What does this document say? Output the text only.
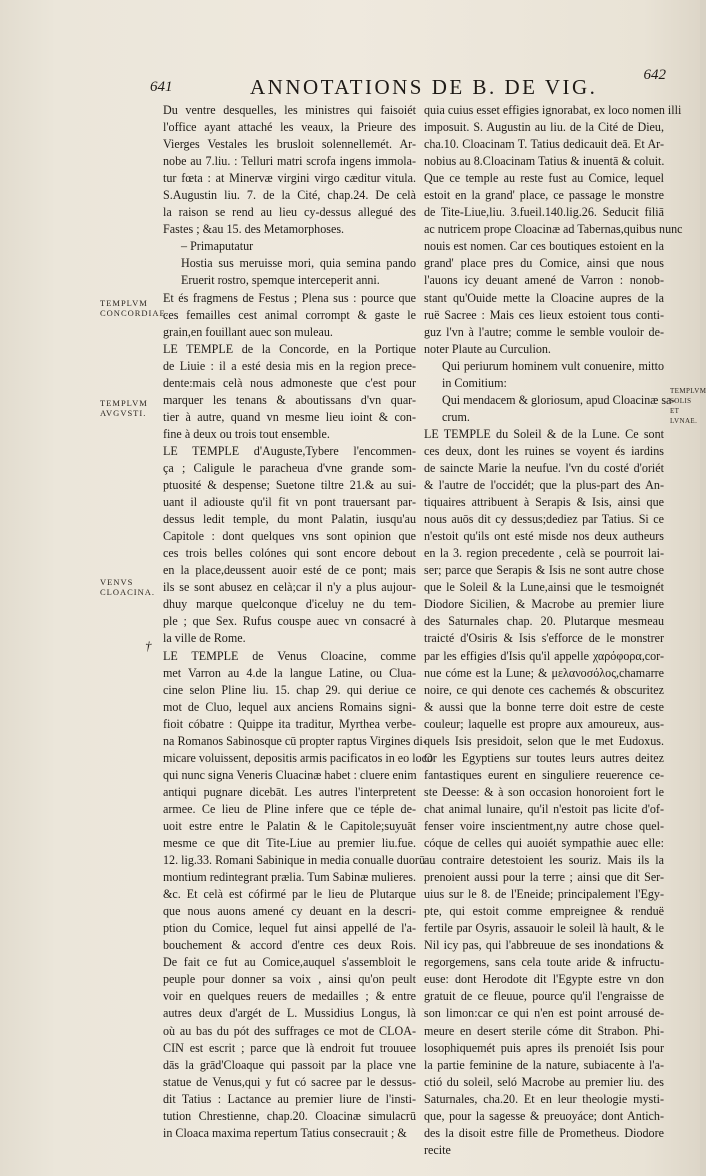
641	ANNOTATIONS DE B. DE VIG.	642
TEMPLVM CONCORDIAE.
TEMPLVM AVGVSTI.
VENVS CLOACINA.
†
TEMPLVM SOLIS ET LVNAE.
Du ventre desquelles, les ministres qui faisoiét
l'office ayant attaché les veaux, la Prieure des
Vierges Vestales les brusloit solennellemét. Ar-
nobe au 7.liu. : Telluri matri scrofa ingens immola-
tur fœta : at Minervæ virgini virgo cæditur vitula.
S.Augustin liu. 7. de la Cité, chap.24. De celà
la raison se rend au lieu cy-dessus allegué des
Fastes ; &au 15. des Metamorphoses.
– Primaputatur
Hostia sus meruisse mori, quia semina pando
Eruerit rostro, spemque interceperit anni.
Et és fragmens de Festus ; Plena sus : pource que
ces femailles cest animal corrompt & gaste le
grain,en fouillant auec son muleau.
LE TEMPLE de la Concorde, en la Portique
de Liuie : il a esté desia mis en la region prece-
dente:mais celà nous admoneste que c'est pour
marquer les tenans & aboutissans d'vn quar-
tier à autre, quand vn mesme lieu ioint & con-
fine à deux ou trois tout ensemble.
LE TEMPLE d'Auguste,Tybere l'encommen-
ça ; Caligule le paracheua d'vne grande som-
ptuosité & despense; Suetone tiltre 21.& au sui-
uant il adiouste qu'il fit vn pont trauersant par-
dessus ledit temple, du mont Palatin, iusqu'au
Capitole : dont quelques vns sont opinion que
ces trois belles colónes qui sont encore debout
en la place,deussent auoir esté de ce pont; mais
ils se sont abusez en celà;car il n'y a plus aujour-
dhuy marque quelconque d'iceluy ne du tem-
ple ; que Sex. Rufus couspe auec vn consacré à
la ville de Rome.
LE TEMPLE de Venus Cloacine, comme
met Varron au 4.de la langue Latine, ou Clua-
cine selon Pline liu. 15. chap 29. qui deriue ce
mot de Cluo, lequel aux anciens Romains signi-
fioit cóbatre : Quippe ita traditur, Myrthea verbe-
na Romanos Sabinosque cū propter raptus Virgines di-
micare voluissent, depositis armis pacificatos in eo loco
qui nunc signa Veneris Cluacinæ habet : cluere enim
antiqui pugnare dicebāt. Les autres l'interpretent
armee. Ce lieu de Pline infere que ce téple de-
uoit estre entre le Palatin & le Capitole;suyuāt
mesme ce que dit Tite-Liue au premier liu.fue.
12. lig.33. Romani Sabinique in media conualle duorū
montium redintegrant prælia. Tum Sabinæ mulieres.
&c. Et celà est cófirmé par le lieu de Plutarque
que nous auons amené cy deuant en la descri-
ption du Comice, lequel fut ainsi appellé de l'a-
bouchement & accord d'entre ces deux Rois.
De fait ce fut au Comice,auquel s'assembloit le
peuple pour donner sa voix , ainsi qu'on peult
voir en quelques reuers de medailles ; & entre
autres deux d'argét de L. Mussidius Longus, là
où au bas du pót des suffrages ce mot de CLOA-
CIN est escrit ; parce que là endroit fut trouuee
dās la grād'Cloaque qui passoit par la place vne
statue de Venus,qui y fut có sacree par le dessus-
dit Tatius : Lactance au premier liure de l'insti-
tution Chrestienne, chap.20. Cloacinæ simulacrū
in Cloaca maxima repertum Tatius consecrauit ; &
quia cuius esset effigies ignorabat, ex loco nomen illi
imposuit. S. Augustin au liu. de la Cité de Dieu,
cha.10. Cloacinam T. Tatius dedicauit deā. Et Ar-
nobius au 8.Cloacinam Tatius & inuentā & coluit.
Que ce temple au reste fust au Comice, lequel
estoit en la grand' place, ce passage le monstre
de Tite-Liue,liu. 3.fueil.140.lig.26. Seducit filiā
ac nutricem prope Cloacinæ ad Tabernas,quibus nunc
nouis est nomen. Car ces boutiques estoient en la
grand' place pres du Comice, ainsi que nous
l'auons icy deuant amené de Varron : nonob-
stant qu'Ouide mette la Cloacine aupres de la
ruë Sacree : Mais ces lieux estoient tous conti-
guz l'vn à l'autre; comme le semble vouloir de-
noter Plaute au Curculion.
Qui periurum hominem vult conuenire, mitto
in Comitium:
Qui mendacem & gloriosum, apud Cloacinæ sa-
crum.
LE TEMPLE du Soleil & de la Lune. Ce sont
ces deux, dont les ruines se voyent és iardins
de saincte Marie la neufue. l'vn du costé d'oriét
& l'autre de l'occidét; que la plus-part des An-
tiquaires attribuent à Serapis & Isis, ainsi que
nous auōs dit cy dessus;dediez par Tatius. Si ce
n'estoit qu'ils ont esté misde nos deux autheurs
en la 3. region precedente , celà se pourroit lai-
ser; parce que Serapis & Isis ne sont autre chose
que le Soleil & la Lune,ainsi que le tesmoignét
Diodore Sicilien, & Macrobe au premier liure
des Saturnales chap. 20. Plutarque mesmeau
traicté d'Osiris & Isis s'efforce de le monstrer
par les effigies d'Isis qu'il appelle χαρόφορα,cor-
nue cóme est la Lune; & μελανοσόλος,chamarre
noire, ce qui denote ces cachemés & obscuritez
& aussi que la bonne terre doit estre de ceste
couleur; laquelle est propre aux amoureux, aus-
quels Isis presidoit, selon que le met Eudoxus.
Or les Egyptiens sur toutes leurs autres deitez
fantastiques eurent en singuliere reuerence ce-
ste Deesse: & à son occasion honoroient fort le
chat animal lunaire, qu'il n'estoit pas licite d'of-
fenser voire inscientment,ny autre chose quel-
cóque de celles qui auoiét sympathie auec elle:
au contraire detestoient les souriz. Mais ils la
prenoient aussi pour la terre ; ainsi que dit Ser-
uius sur le 8. de l'Eneide; principalement l'Egy-
pte, qui estoit comme empreignee & renduë
fertile par Osyris, assauoir le soleil là hault, & le
Nil icy pas, qui l'abbreuue de ses inondations &
regorgemens, sans cela toute aride & infructu-
euse: dont Herodote dit l'Egypte estre vn don
gratuit de ce fleuue, pource qu'il l'engraisse de
son limon:car ce qui n'en est point arrousé de-
meure en desert sterile cóme dit Strabon. Phi-
losophiquemét puis apres ils prenoiét Isis pour
la partie feminine de la nature, subiacente à l'a-
ctió du soleil, seló Macrobe au premier liu. des
Saturnales, cha.20. Et en leur theologie mysti-
que, pour la sagesse & preuoyáce; dont Antich-
des la disoit estre fille de Prometheus. Diodore
recite
